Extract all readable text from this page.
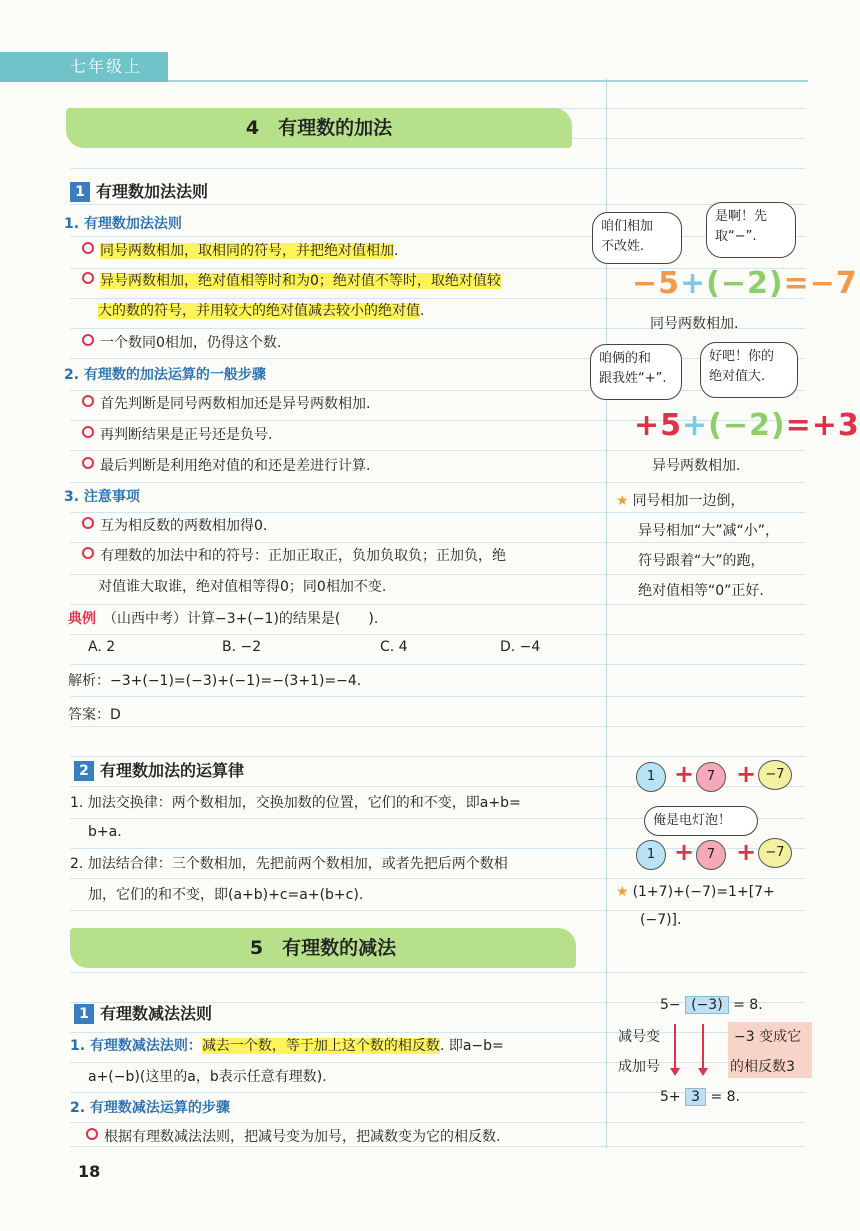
七年级上
4　有理数的加法
1 有理数加法法则
1. 有理数加法法则
同号两数相加，取相同的符号，并把绝对值相加.
异号两数相加，绝对值相等时和为0；绝对值不等时，取绝对值较
大的数的符号，并用较大的绝对值减去较小的绝对值.
一个数同0相加，仍得这个数.
2. 有理数的加法运算的一般步骤
首先判断是同号两数相加还是异号两数相加.
再判断结果是正号还是负号.
最后判断是利用绝对值的和还是差进行计算.
3. 注意事项
互为相反数的两数相加得0.
有理数的加法中和的符号：正加正取正，负加负取负；正加负，绝
对值谁大取谁，绝对值相等得0；同0相加不变.
典例　 （山西中考）计算−3+(−1)的结果是(　　).
A. 2	B. −2	C. 4	D. −4
解析：−3+(−1)=(−3)+(−1)=−(3+1)=−4.
答案：D
2 有理数加法的运算律
1. 加法交换律：两个数相加，交换加数的位置，它们的和不变，即a+b=
b+a.
2. 加法结合律：三个数相加，先把前两个数相加，或者先把后两个数相
加，它们的和不变，即(a+b)+c=a+(b+c).
5　有理数的减法
1 有理数减法法则
1. 有理数减法法则：减去一个数，等于加上这个数的相反数. 即a−b=
a+(−b)(这里的a，b表示任意有理数).
2. 有理数减法运算的步骤
根据有理数减法法则，把减号变为加号，把减数变为它的相反数.
咱们相加
不改姓.
是啊！先
取“−”.
−5+(−2)=−7
同号两数相加.
咱俩的和
跟我姓“+”.
好吧！你的
绝对值大.
+5+(−2)=+3
异号两数相加.
★ 同号相加一边倒，
异号相加“大”减“小”，
符号跟着“大”的跑，
绝对值相等“0”正好.
1 + 7 + −7
俺是电灯泡！
1 + 7 + −7
★ (1+7)+(−7)=1+[7+
(−7)].
5− (−3) = 8.
减号变
成加号
−3 变成它
的相反数3
5+ 3 = 8.
18
